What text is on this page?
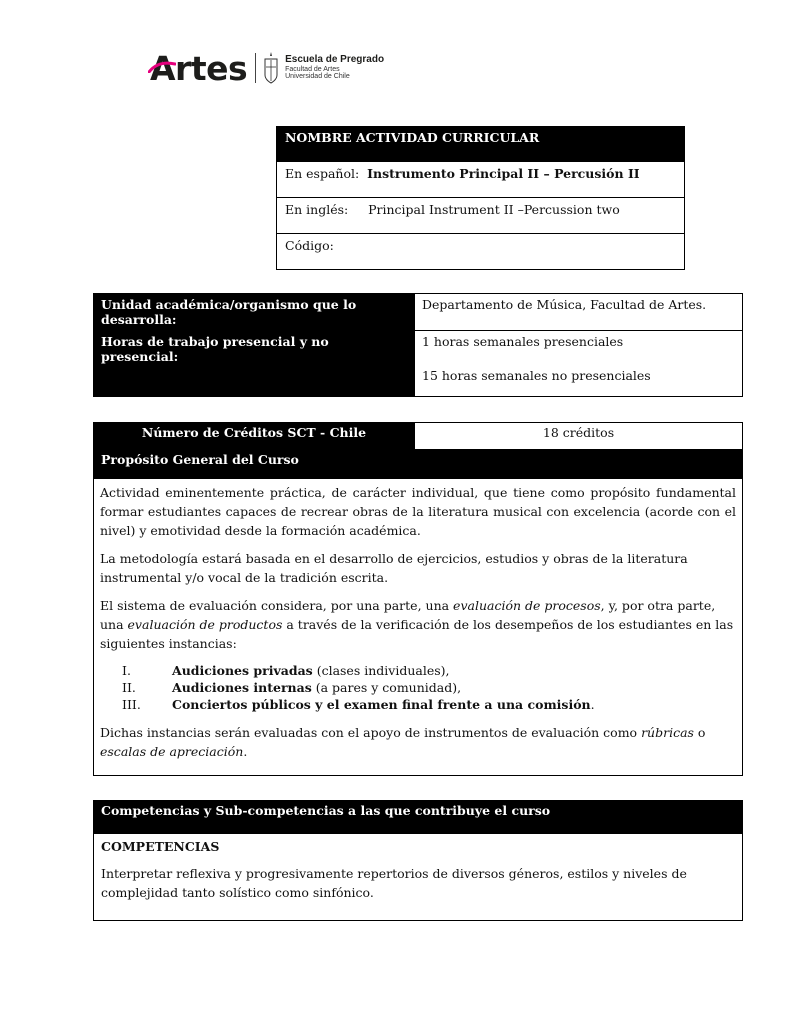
Artes	Escuela de Pregrado
Facultad de Artes
Universidad de Chile
NOMBRE ACTIVIDAD CURRICULAR
En español: Instrumento Principal II – Percusión II
En inglés: Principal Instrument II –Percussion two
Código:
Unidad académica/organismo que lo desarrolla:	Departamento de Música, Facultad de Artes.
Horas de trabajo presencial y no presencial:	1 horas semanales presenciales
15 horas semanales no presenciales
Número de Créditos SCT - Chile	18 créditos
Propósito General del Curso

Actividad eminentemente práctica, de carácter individual, que tiene como propósito fundamental formar estudiantes capaces de recrear obras de la literatura musical con excelencia (acorde con el nivel) y emotividad desde la formación académica.

La metodología estará basada en el desarrollo de ejercicios, estudios y obras de la literatura instrumental y/o vocal de la tradición escrita.

El sistema de evaluación considera, por una parte, una evaluación de procesos, y, por otra parte, una evaluación de productos a través de la verificación de los desempeños de los estudiantes en las siguientes instancias:

I.	Audiciones privadas (clases individuales),
II.	Audiciones internas (a pares y comunidad),
III.	Conciertos públicos y el examen final frente a una comisión.

Dichas instancias serán evaluadas con el apoyo de instrumentos de evaluación como rúbricas o escalas de apreciación.

Competencias y Sub-competencias a las que contribuye el curso

COMPETENCIAS
Interpretar reflexiva y progresivamente repertorios de diversos géneros, estilos y niveles de complejidad tanto solístico como sinfónico.
